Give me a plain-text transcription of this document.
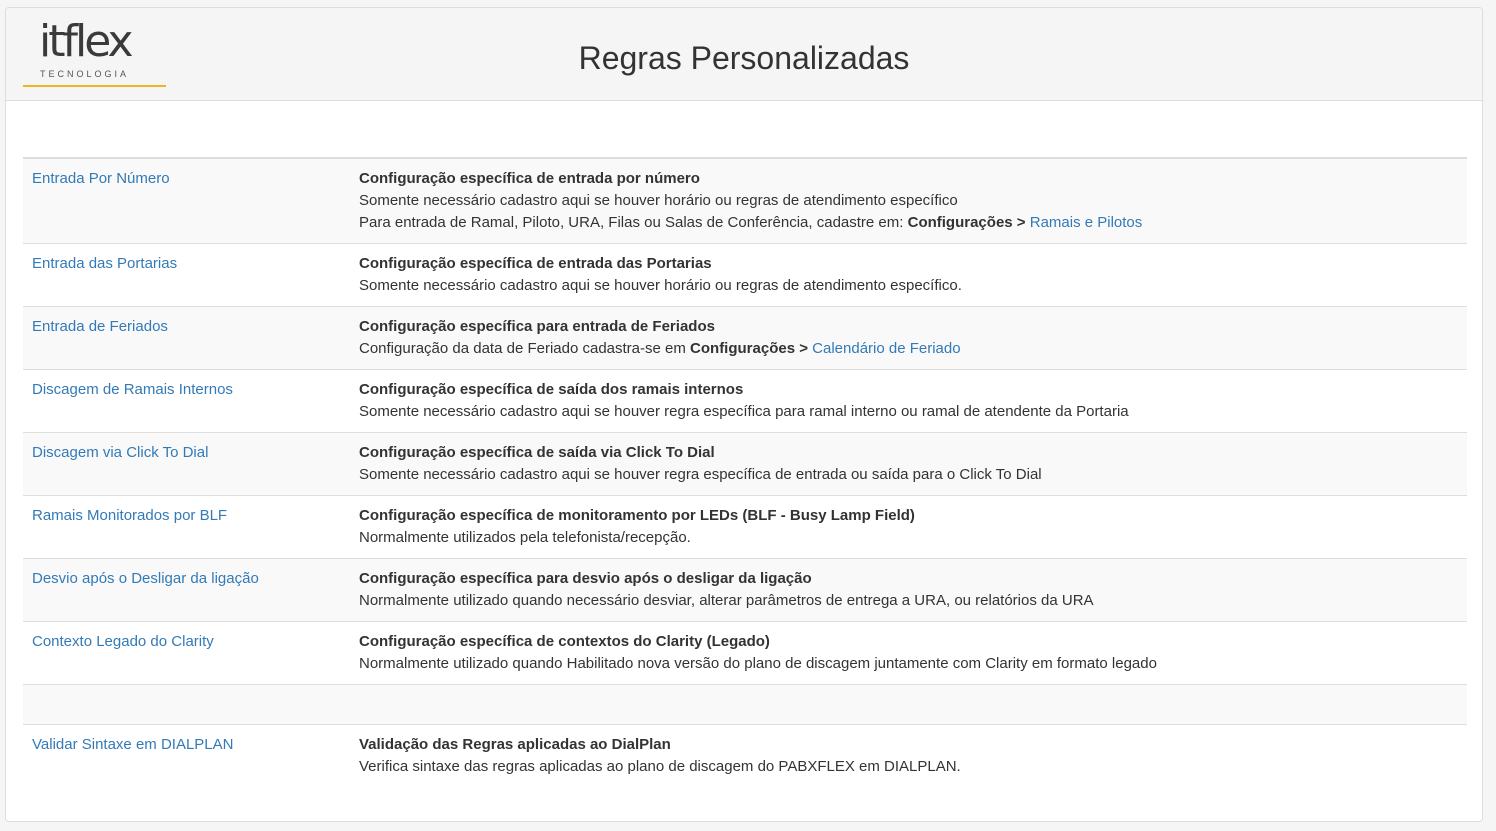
itflex
TECNOLOGIA	Regras Personalizadas
Entrada Por Número	Configuração específica de entrada por número
Somente necessário cadastro aqui se houver horário ou regras de atendimento específico
Para entrada de Ramal, Piloto, URA, Filas ou Salas de Conferência, cadastre em: Configurações > Ramais e Pilotos

Entrada das Portarias	Configuração específica de entrada das Portarias
Somente necessário cadastro aqui se houver horário ou regras de atendimento específico.

Entrada de Feriados	Configuração específica para entrada de Feriados
Configuração da data de Feriado cadastra-se em Configurações > Calendário de Feriado

Discagem de Ramais Internos	Configuração específica de saída dos ramais internos
Somente necessário cadastro aqui se houver regra específica para ramal interno ou ramal de atendente da Portaria

Discagem via Click To Dial	Configuração específica de saída via Click To Dial
Somente necessário cadastro aqui se houver regra específica de entrada ou saída para o Click To Dial

Ramais Monitorados por BLF	Configuração específica de monitoramento por LEDs (BLF - Busy Lamp Field)
Normalmente utilizados pela telefonista/recepção.

Desvio após o Desligar da ligação	Configuração específica para desvio após o desligar da ligação
Normalmente utilizado quando necessário desviar, alterar parâmetros de entrega a URA, ou relatórios da URA

Contexto Legado do Clarity	Configuração específica de contextos do Clarity (Legado)
Normalmente utilizado quando Habilitado nova versão do plano de discagem juntamente com Clarity em formato legado

Validar Sintaxe em DIALPLAN	Validação das Regras aplicadas ao DialPlan
Verifica sintaxe das regras aplicadas ao plano de discagem do PABXFLEX em DIALPLAN.
